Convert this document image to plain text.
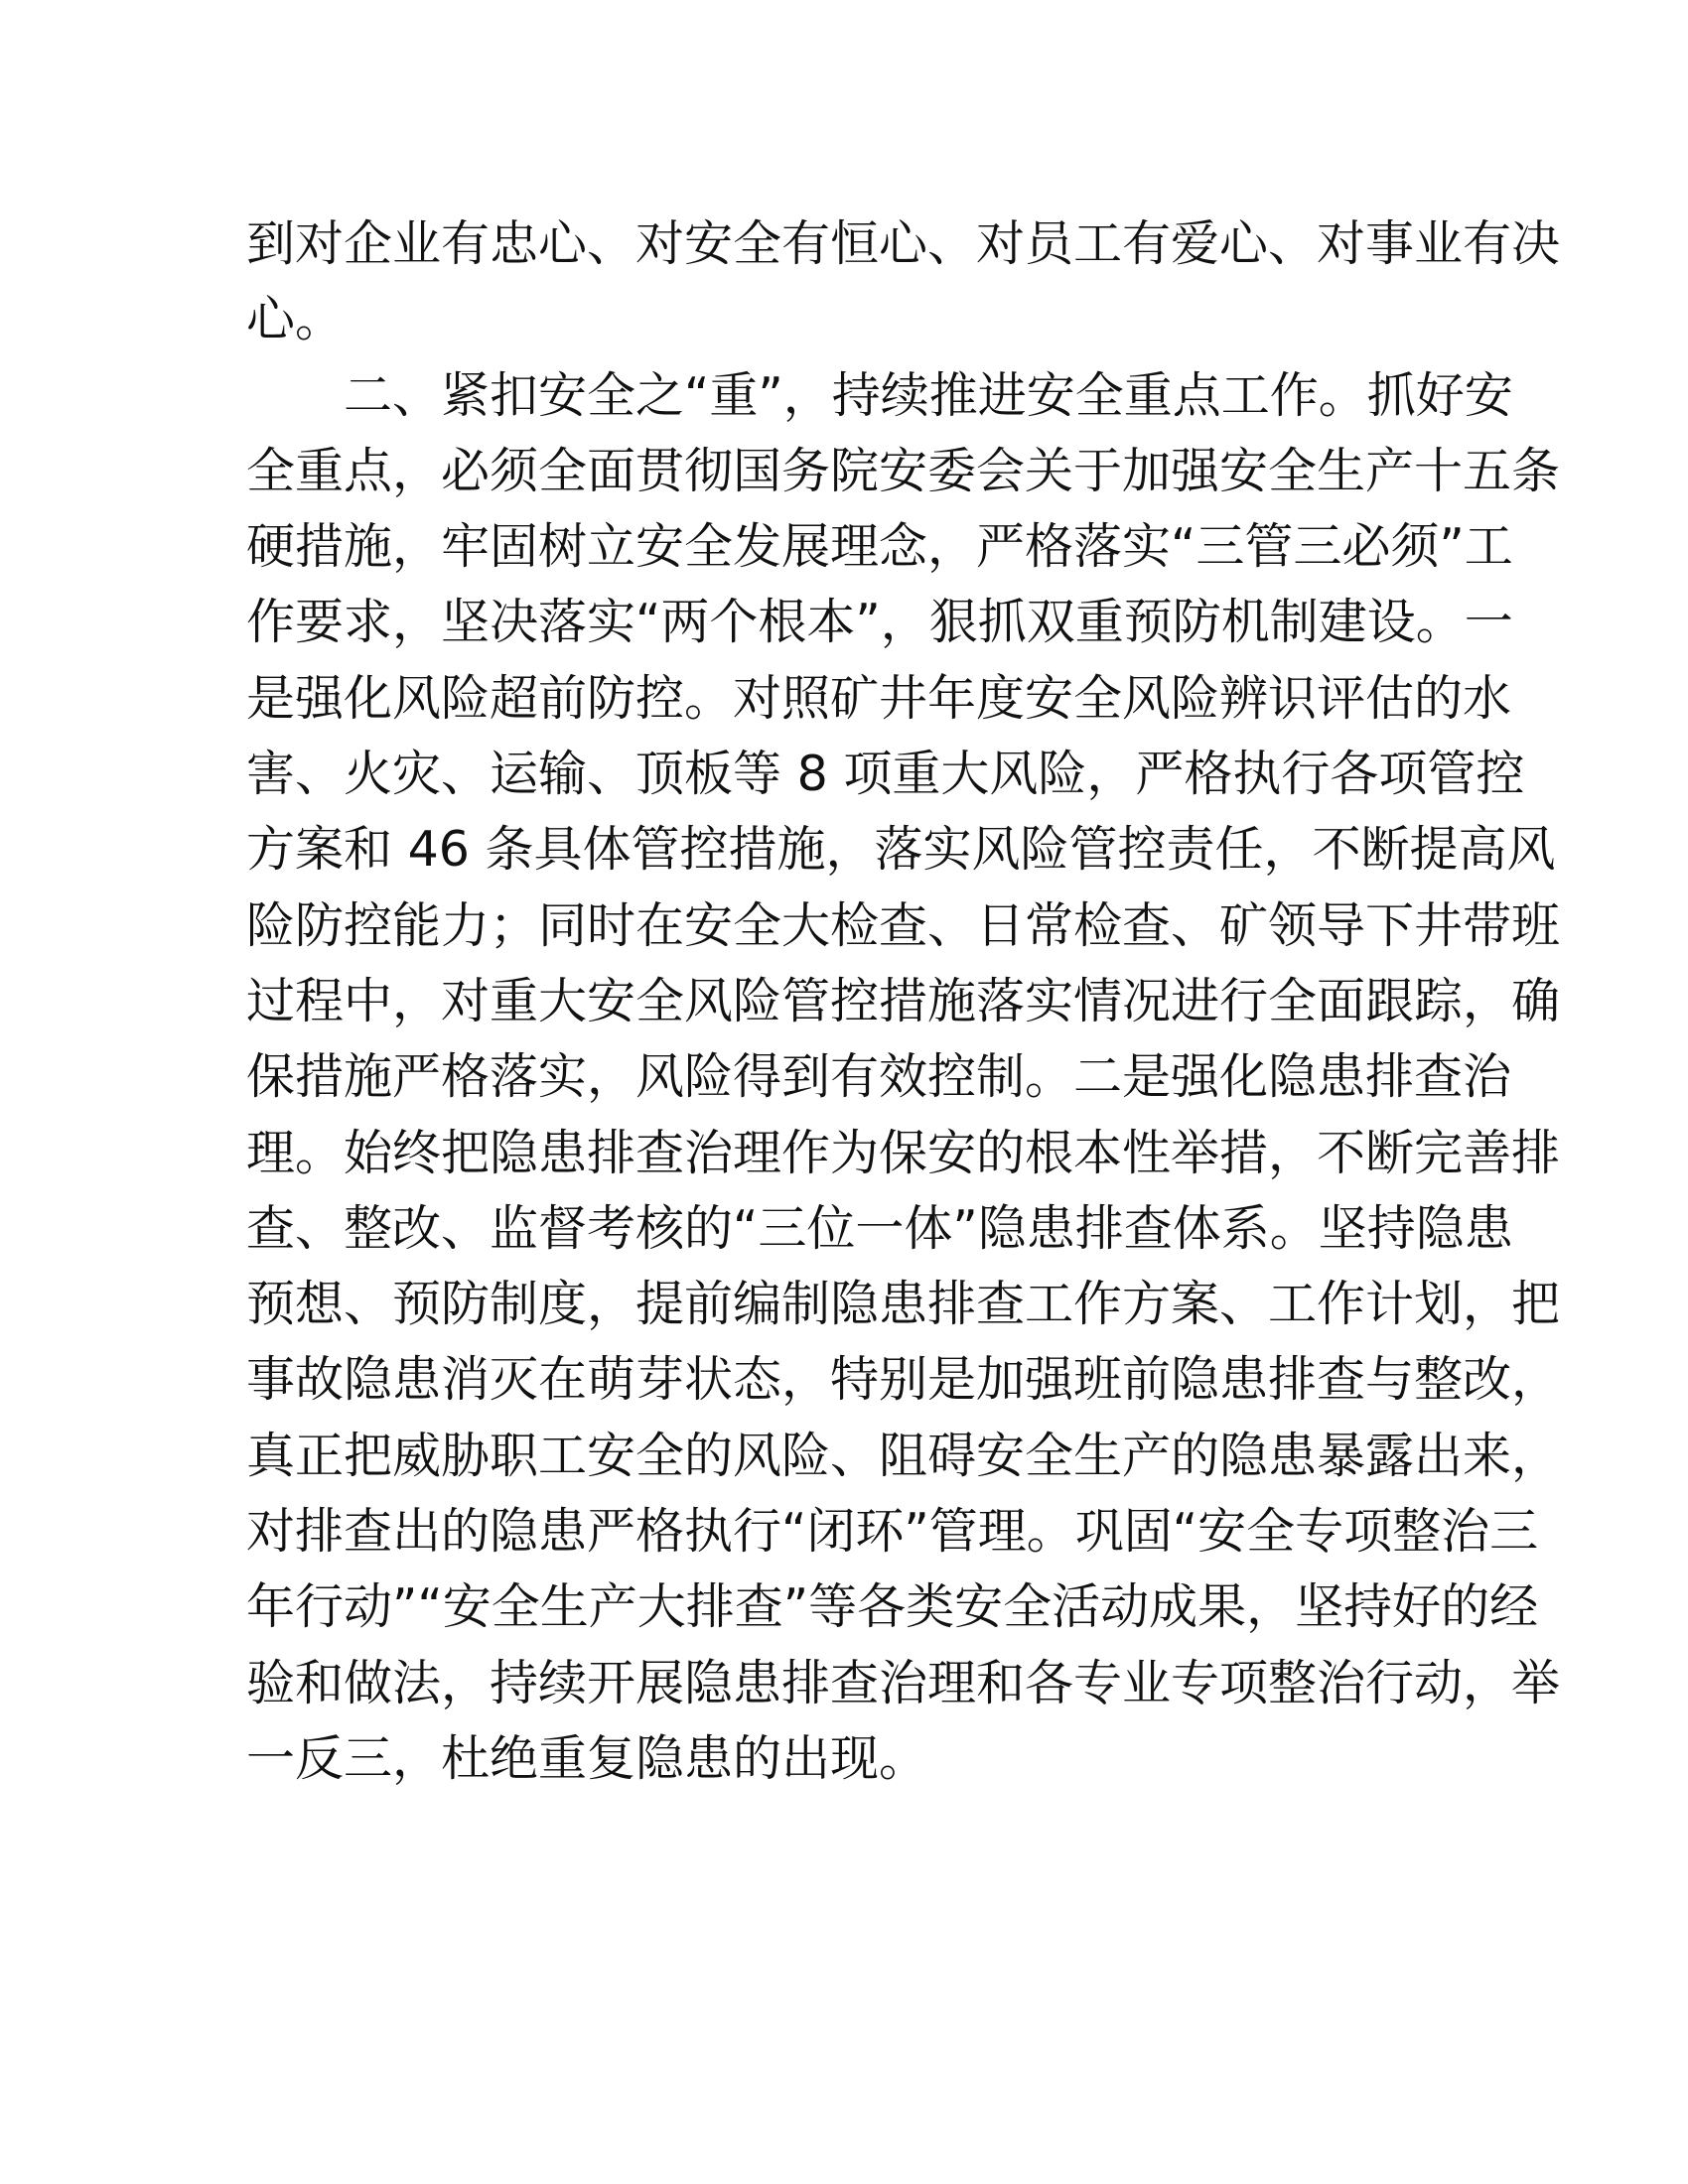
到对企业有忠心、对安全有恒心、对员工有爱心、对事业有决
心。
　　二、紧扣安全之“重”，持续推进安全重点工作。抓好安
全重点，必须全面贯彻国务院安委会关于加强安全生产十五条
硬措施，牢固树立安全发展理念，严格落实“三管三必须”工
作要求，坚决落实“两个根本”，狠抓双重预防机制建设。一
是强化风险超前防控。对照矿井年度安全风险辨识评估的水
害、火灾、运输、顶板等 8 项重大风险，严格执行各项管控
方案和 46 条具体管控措施，落实风险管控责任，不断提高风
险防控能力；同时在安全大检查、日常检查、矿领导下井带班
过程中，对重大安全风险管控措施落实情况进行全面跟踪，确
保措施严格落实，风险得到有效控制。二是强化隐患排查治
理。始终把隐患排查治理作为保安的根本性举措，不断完善排
查、整改、监督考核的“三位一体”隐患排查体系。坚持隐患
预想、预防制度，提前编制隐患排查工作方案、工作计划，把
事故隐患消灭在萌芽状态，特别是加强班前隐患排查与整改，
真正把威胁职工安全的风险、阻碍安全生产的隐患暴露出来，
对排查出的隐患严格执行“闭环”管理。巩固“安全专项整治三
年行动”“安全生产大排查”等各类安全活动成果，坚持好的经
验和做法，持续开展隐患排查治理和各专业专项整治行动，举
一反三，杜绝重复隐患的出现。
